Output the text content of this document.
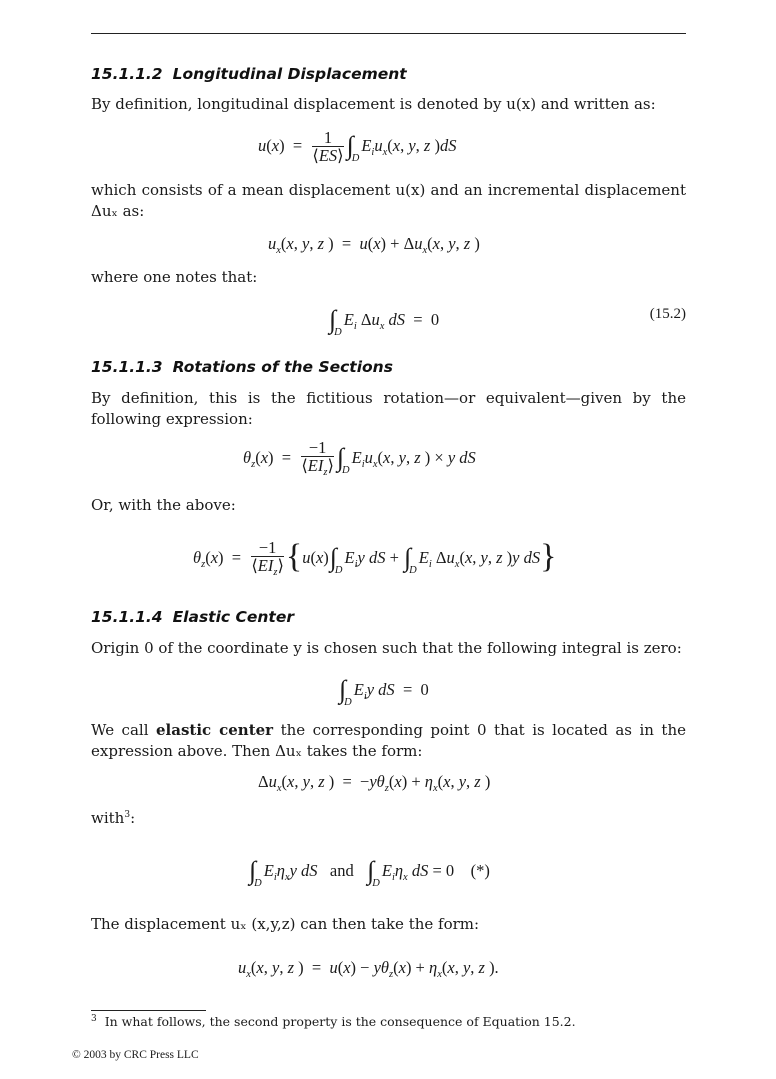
15.1.1.2 Longitudinal Displacement
By definition, longitudinal displacement is denoted by u(x) and written as:
$u(x) = \frac{1}{⟨ES⟩} \int_DE_iu_x(x$, y, z )dS
which consists of a mean displacement u(x) and an incremental displacement Δuₓ as:
$u_x(x$, y, z )  =  $u(x) + \Delta u_x(x$, y, z )
where one notes that:
$\int_DE_i$ $\Delta u_x$ dS  =  0	(15.2)
15.1.1.3 Rotations of the Sections
By definition, this is the fictitious rotation—or equivalent—given by the following expression:
$\theta_z(x) = \frac{-1}{⟨EI_z⟩} \int_DE_iu_x(x$, y, z ) × y dS
Or, with the above:
$\theta_z(x) = \frac{-1}{⟨EI_z⟩} \{u(x)\int_DE_iy$ dS + $\int_DE_i$ $\Delta u_x(x$, y, z )y dS}
15.1.1.4 Elastic Center
Origin 0 of the coordinate y is chosen such that the following integral is zero:
$\int_DE_iy$ dS  =  0
We call elastic center the corresponding point 0 that is located as in the expression above. Then Δuₓ takes the form:
$\Delta u_x(x$, y, z )  =  $-y\theta_z(x) + \eta_x(x$, y, z )
with$^3$:
$\int_DE_i\eta_xy$ dS and $\int_DE_i\eta_x$ dS = 0    (*)
The displacement uₓ (x,y,z) can then take the form:
$u_x(x$, y, z )  =  $u(x) - y\theta_z(x) + \eta_x(x$, y, z ).
$^3$ In what follows, the second property is the consequence of Equation 15.2.
© 2003 by CRC Press LLC
